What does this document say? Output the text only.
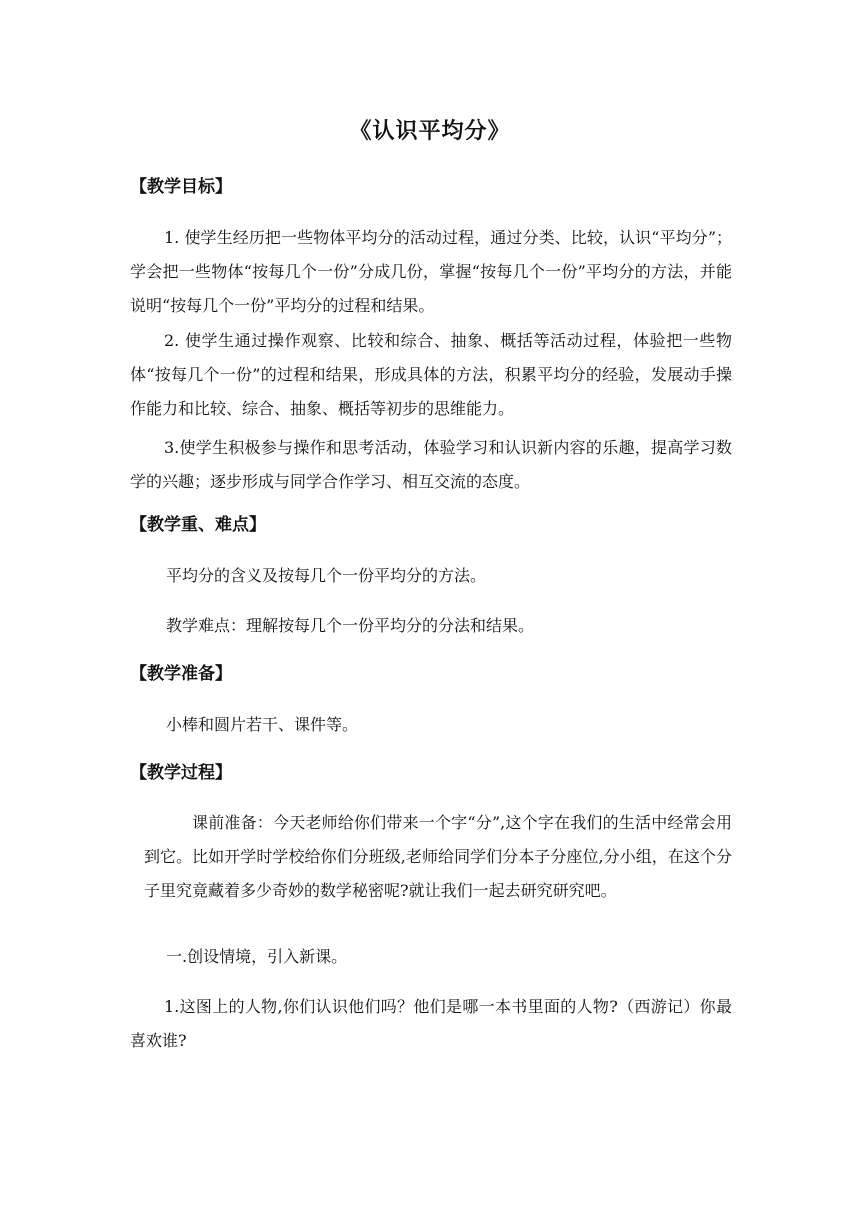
《认识平均分》
【教学目标】

1. 使学生经历把一些物体平均分的活动过程，通过分类、比较，认识“平均分”；学会把一些物体“按每几个一份”分成几份，掌握“按每几个一份”平均分的方法，并能说明“按每几个一份”平均分的过程和结果。

2. 使学生通过操作观察、比较和综合、抽象、概括等活动过程，体验把一些物体“按每几个一份”的过程和结果，形成具体的方法，积累平均分的经验，发展动手操作能力和比较、综合、抽象、概括等初步的思维能力。

3.使学生积极参与操作和思考活动，体验学习和认识新内容的乐趣，提高学习数学的兴趣；逐步形成与同学合作学习、相互交流的态度。

【教学重、难点】
平均分的含义及按每几个一份平均分的方法。
教学难点：理解按每几个一份平均分的分法和结果。
【教学准备】
小棒和圆片若干、课件等。
【教学过程】

课前准备：今天老师给你们带来一个字“分”,这个字在我们的生活中经常会用到它。比如开学时学校给你们分班级,老师给同学们分本子分座位,分小组，在这个分子里究竟藏着多少奇妙的数学秘密呢?就让我们一起去研究研究吧。

一.创设情境，引入新课。

1.这图上的人物,你们认识他们吗？他们是哪一本书里面的人物?（西游记）你最喜欢谁?
